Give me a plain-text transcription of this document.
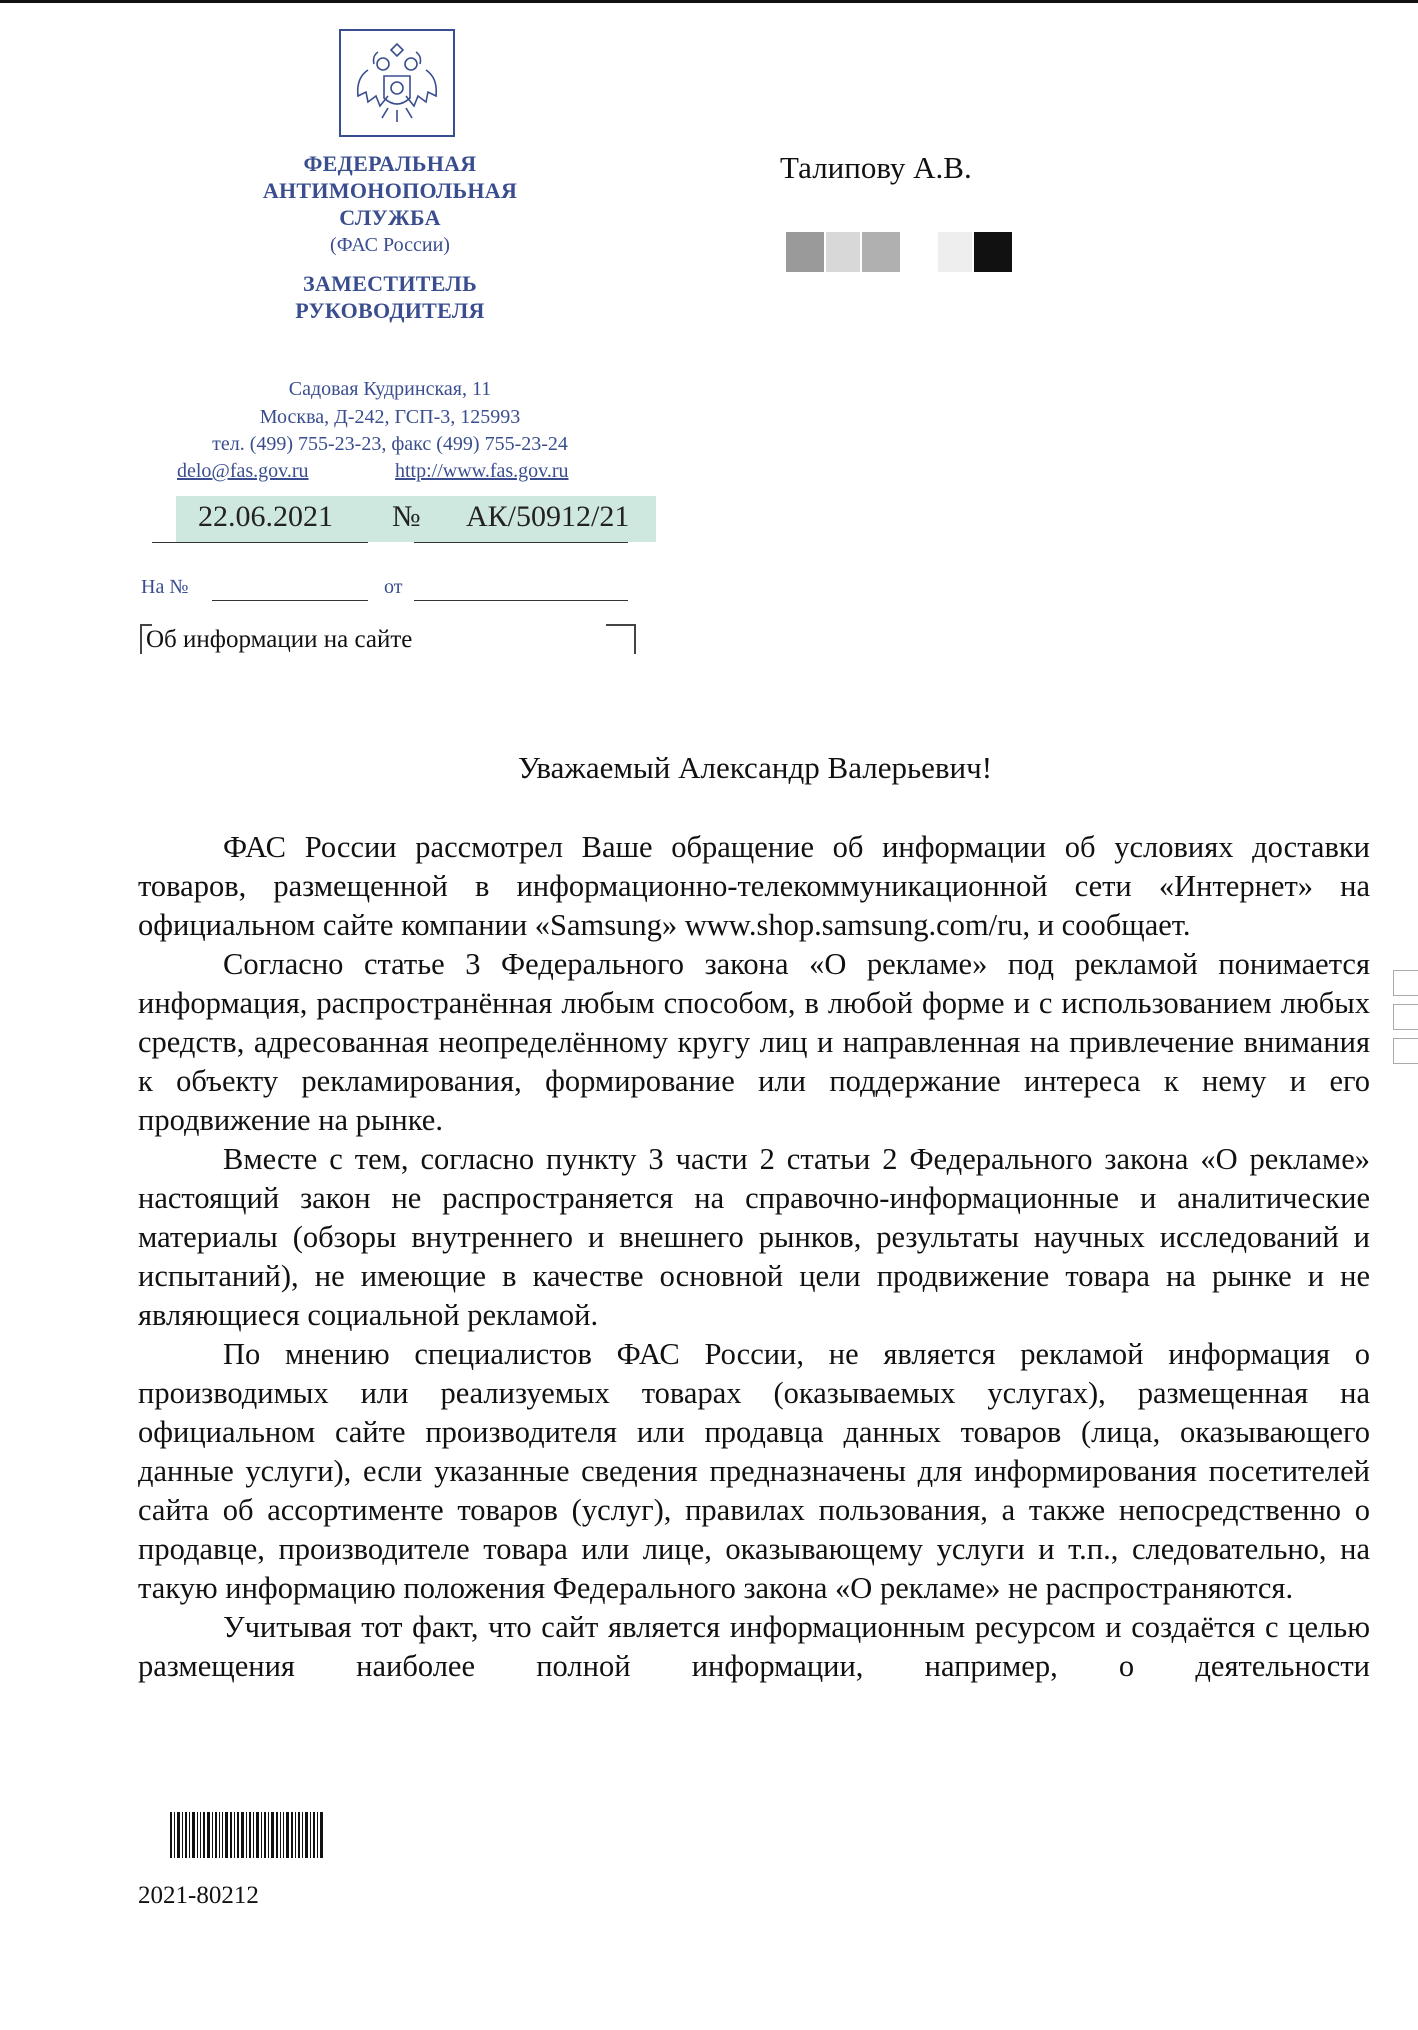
ФЕДЕРАЛЬНАЯ
АНТИМОНОПОЛЬНАЯ
СЛУЖБА
(ФАС России)
ЗАМЕСТИТЕЛЬ
РУКОВОДИТЕЛЯ
Садовая Кудринская, 11
Москва, Д-242, ГСП-3, 125993
тел. (499) 755-23-23, факс (499) 755-23-24
delo@fas.gov.ru	http://www.fas.gov.ru
22.06.2021 № АК/50912/21
На №	от
Об информации на сайте
Талипову А.В.
Уважаемый Александр Валерьевич!

ФАС России рассмотрел Ваше обращение об информации об условиях доставки товаров, размещенной в информационно-телекоммуникационной сети «Интернет» на официальном сайте компании «Samsung» www.shop.samsung.com/ru, и сообщает.

Согласно статье 3 Федерального закона «О рекламе» под рекламой понимается информация, распространённая любым способом, в любой форме и с использованием любых средств, адресованная неопределённому кругу лиц и направленная на привлечение внимания к объекту рекламирования, формирование или поддержание интереса к нему и его продвижение на рынке.

Вместе с тем, согласно пункту 3 части 2 статьи 2 Федерального закона «О рекламе» настоящий закон не распространяется на справочно-информационные и аналитические материалы (обзоры внутреннего и внешнего рынков, результаты научных исследований и испытаний), не имеющие в качестве основной цели продвижение товара на рынке и не являющиеся социальной рекламой.

По мнению специалистов ФАС России, не является рекламой информация о производимых или реализуемых товарах (оказываемых услугах), размещенная на официальном сайте производителя или продавца данных товаров (лица, оказывающего данные услуги), если указанные сведения предназначены для информирования посетителей сайта об ассортименте товаров (услуг), правилах пользования, а также непосредственно о продавце, производителе товара или лице, оказывающему услуги и т.п., следовательно, на такую информацию положения Федерального закона «О рекламе» не распространяются.

Учитывая тот факт, что сайт является информационным ресурсом и создаётся с целью размещения наиболее полной информации, например, о деятельности

2021-80212
